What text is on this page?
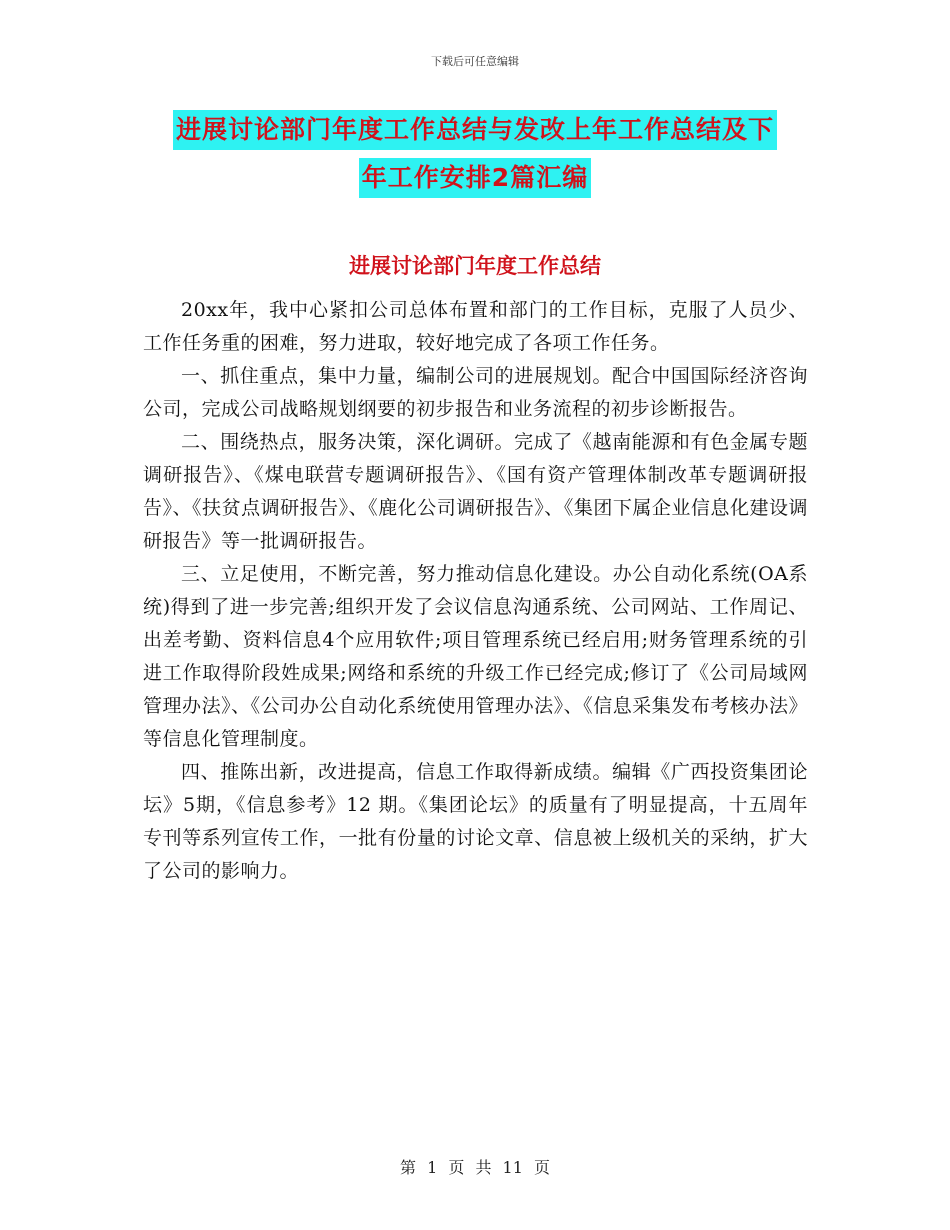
下载后可任意编辑
进展讨论部门年度工作总结与发改上年工作总结及下
年工作安排2篇汇编
进展讨论部门年度工作总结

20xx年，我中心紧扣公司总体布置和部门的工作目标，克服了人员少、工作任务重的困难，努力进取，较好地完成了各项工作任务。

一、抓住重点，集中力量，编制公司的进展规划。配合中国国际经济咨询公司，完成公司战略规划纲要的初步报告和业务流程的初步诊断报告。

二、围绕热点，服务决策，深化调研。完成了《越南能源和有色金属专题调研报告》、《煤电联营专题调研报告》、《国有资产管理体制改革专题调研报告》、《扶贫点调研报告》、《鹿化公司调研报告》、《集团下属企业信息化建设调研报告》等一批调研报告。

三、立足使用，不断完善，努力推动信息化建设。办公自动化系统(OA系统)得到了进一步完善;组织开发了会议信息沟通系统、公司网站、工作周记、出差考勤、资料信息4个应用软件;项目管理系统已经启用;财务管理系统的引进工作取得阶段姓成果;网络和系统的升级工作已经完成;修订了《公司局域网管理办法》、《公司办公自动化系统使用管理办法》、《信息采集发布考核办法》等信息化管理制度。

四、推陈出新，改进提高，信息工作取得新成绩。编辑《广西投资集团论坛》5期，《信息参考》12 期。《集团论坛》的质量有了明显提高，十五周年专刊等系列宣传工作，一批有份量的讨论文章、信息被上级机关的采纳，扩大了公司的影响力。

第 1 页 共 11 页
